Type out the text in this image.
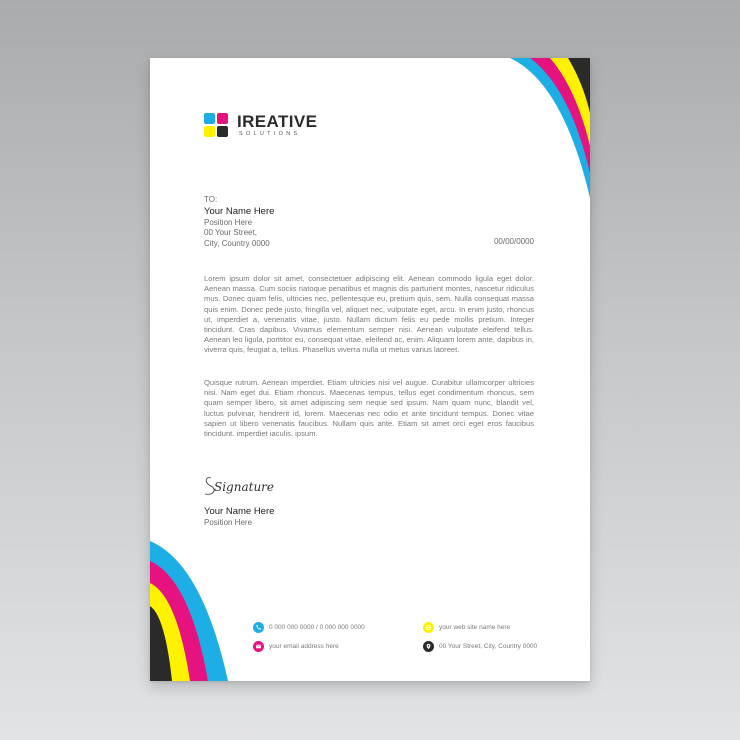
IREATIVE
SOLUTIONS
TO:
Your Name Here
Position Here
00 Your Street,
City, Country 0000	00/00/0000

Lorem ipsum dolor sit amet, consectetuer adipiscing elit. Aenean commodo ligula eget dolor. Aenean massa. Cum sociis natoque penatibus et magnis dis parturient montes, nascetur ridiculus mus. Donec quam felis, ultricies nec, pellentesque eu, pretium quis, sem. Nulla consequat massa quis enim. Donec pede justo, fringilla vel, aliquet nec, vulputate eget, arcu. In enim justo, rhoncus ut, imperdiet a, venenatis vitae, justo. Nullam dictum felis eu pede mollis pretium. Integer tincidunt. Cras dapibus. Vivamus elementum semper nisi. Aenean vulputate eleifend tellus. Aenean leo ligula, porttitor eu, consequat vitae, eleifend ac, enim. Aliquam lorem ante, dapibus in, viverra quis, feugiat a, tellus. Phasellus viverra nulla ut metus varius laoreet.

Quisque rutrum. Aenean imperdiet. Etiam ultricies nisi vel augue. Curabitur ullamcorper ultricies nisi. Nam eget dui. Etiam rhoncus. Maecenas tempus, tellus eget condimentum rhoncus, sem quam semper libero, sit amet adipiscing sem neque sed ipsum. Nam quam nunc, blandit vel, luctus pulvinar, hendrerit id, lorem. Maecenas nec odio et ante tincidunt tempus. Donec vitae sapien ut libero venenatis faucibus. Nullam quis ante. Etiam sit amet orci eget eros faucibus tincidunt. imperdiet iaculis, ipsum.

Signature
Your Name Here
Position Here
0 000 000 0000 / 0 000 000 0000
your email address here
your web site name here
00 Your Street, City, Country 0000
